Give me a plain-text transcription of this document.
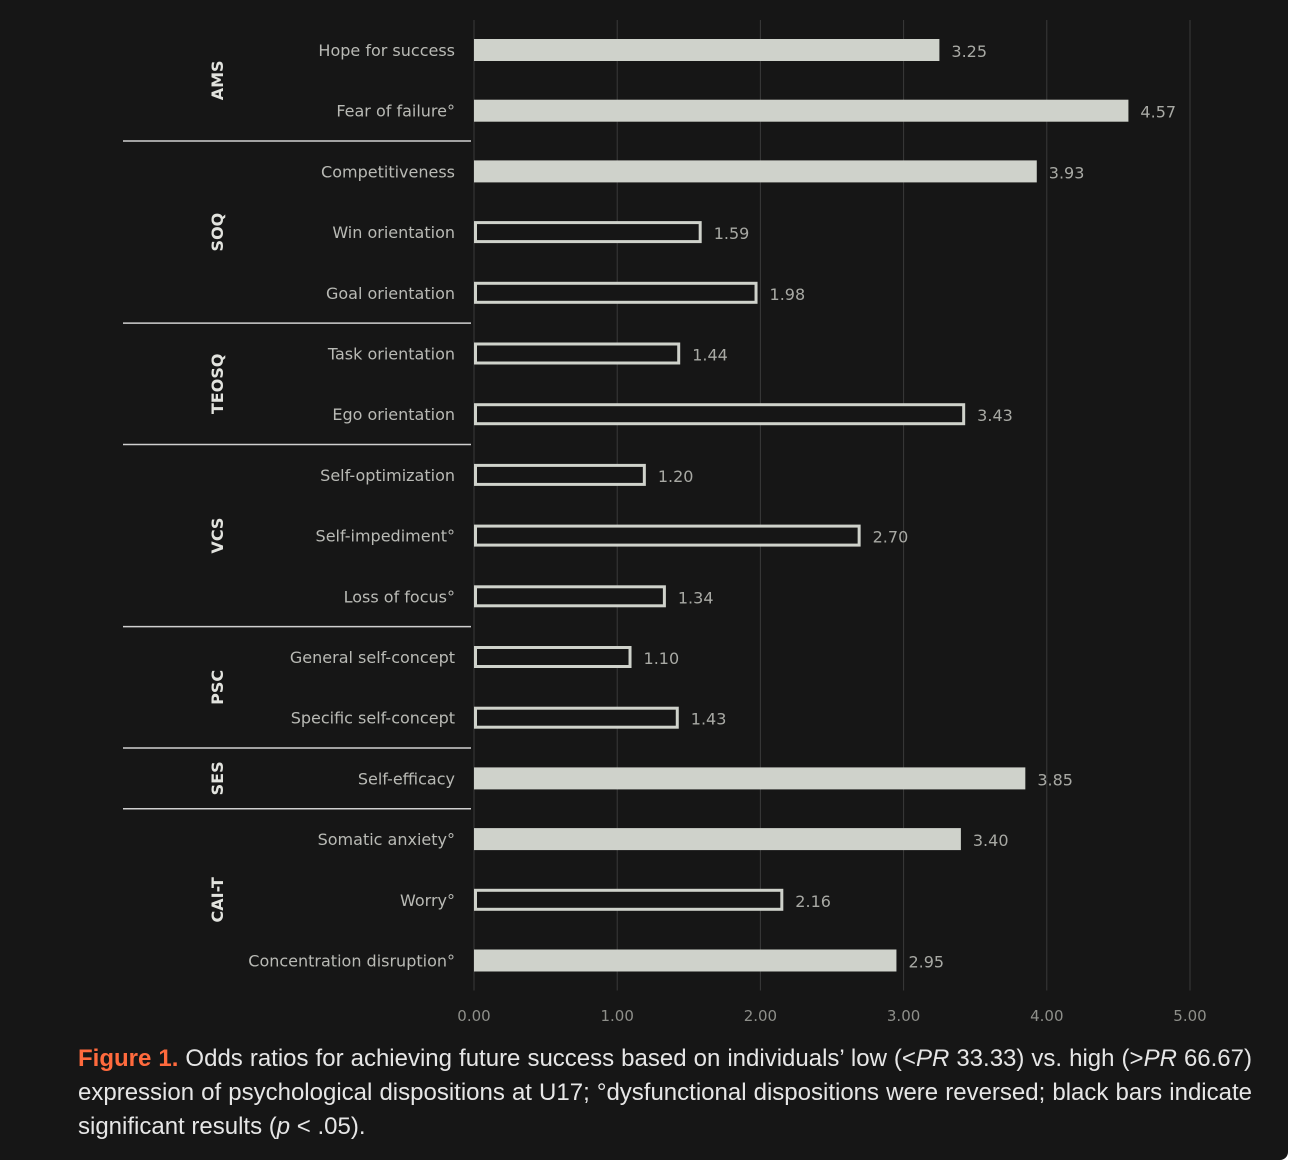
AMS
SOQ
TEOSQ
VCS
PSC
SES
CAI-T
Hope for success
Fear of failure°
Competitiveness
Win orientation
Goal orientation
Task orientation
Ego orientation
Self-optimization
Self-impediment°
Loss of focus°
General self-concept
Specific self-concept
Self-efficacy
Somatic anxiety°
Worry°
Concentration disruption°
3.25
4.57
3.93
1.59
1.98
1.44
3.43
1.20
2.70
1.34
1.10
1.43
3.85
3.40
2.16
2.95
0.00	1.00	2.00	3.00	4.00	5.00
Figure 1. Odds ratios for achieving future success based on individuals’ low (<PR 33.33) vs. high (>PR 66.67) expression of psychological dispositions at U17; °dysfunctional dispositions were reversed; black bars indicate significant results (p < .05).
